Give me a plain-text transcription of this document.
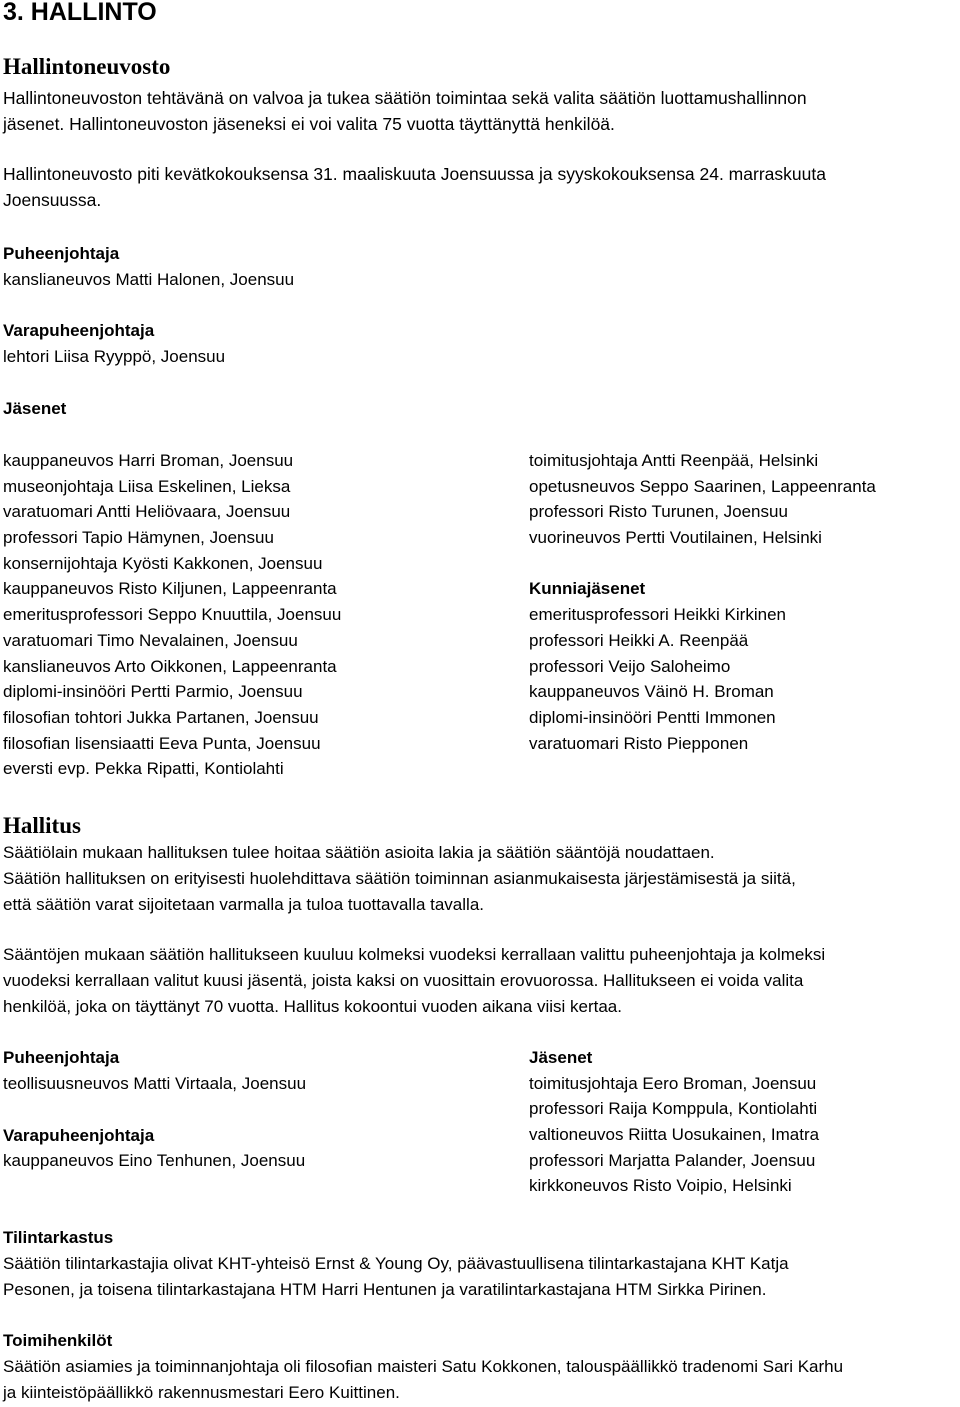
3. HALLINTO
Hallintoneuvosto
Hallintoneuvoston tehtävänä on valvoa ja tukea säätiön toimintaa sekä valita säätiön luottamushallinnon
jäsenet. Hallintoneuvoston jäseneksi ei voi valita 75 vuotta täyttänyttä henkilöä.
Hallintoneuvosto piti kevätkokouksensa 31. maaliskuuta Joensuussa ja syyskokouksensa 24. marraskuuta
Joensuussa.
Puheenjohtaja
kanslianeuvos Matti Halonen, Joensuu
Varapuheenjohtaja
lehtori Liisa Ryyppö, Joensuu
Jäsenet
kauppaneuvos Harri Broman, Joensuu
museonjohtaja Liisa Eskelinen, Lieksa
varatuomari Antti Heliövaara, Joensuu
professori Tapio Hämynen, Joensuu
konsernijohtaja Kyösti Kakkonen, Joensuu
kauppaneuvos Risto Kiljunen, Lappeenranta
emeritusprofessori Seppo Knuuttila, Joensuu
varatuomari Timo Nevalainen, Joensuu
kanslianeuvos Arto Oikkonen, Lappeenranta
diplomi-insinööri Pertti Parmio, Joensuu
filosofian tohtori Jukka Partanen, Joensuu
filosofian lisensiaatti Eeva Punta, Joensuu
eversti evp. Pekka Ripatti, Kontiolahti
toimitusjohtaja Antti Reenpää, Helsinki
opetusneuvos Seppo Saarinen, Lappeenranta
professori Risto Turunen, Joensuu
vuorineuvos Pertti Voutilainen, Helsinki
Kunniajäsenet
emeritusprofessori Heikki Kirkinen
professori Heikki A. Reenpää
professori Veijo Saloheimo
kauppaneuvos Väinö H. Broman
diplomi-insinööri Pentti Immonen
varatuomari Risto Piepponen
Hallitus
Säätiölain mukaan hallituksen tulee hoitaa säätiön asioita lakia ja säätiön sääntöjä noudattaen.
Säätiön hallituksen on erityisesti huolehdittava säätiön toiminnan asianmukaisesta järjestämisestä ja siitä,
että säätiön varat sijoitetaan varmalla ja tuloa tuottavalla tavalla.
Sääntöjen mukaan säätiön hallitukseen kuuluu kolmeksi vuodeksi kerrallaan valittu puheenjohtaja ja kolmeksi
vuodeksi kerrallaan valitut kuusi jäsentä, joista kaksi on vuosittain erovuorossa. Hallitukseen ei voida valita
henkilöä, joka on täyttänyt 70 vuotta. Hallitus kokoontui vuoden aikana viisi kertaa.
Puheenjohtaja
teollisuusneuvos Matti Virtaala, Joensuu
Varapuheenjohtaja
kauppaneuvos Eino Tenhunen, Joensuu
Jäsenet
toimitusjohtaja Eero Broman, Joensuu
professori Raija Komppula, Kontiolahti
valtioneuvos Riitta Uosukainen, Imatra
professori Marjatta Palander, Joensuu
kirkkoneuvos Risto Voipio, Helsinki
Tilintarkastus
Säätiön tilintarkastajia olivat KHT-yhteisö Ernst & Young Oy, päävastuullisena tilintarkastajana KHT Katja
Pesonen, ja toisena tilintarkastajana HTM Harri Hentunen ja varatilintarkastajana HTM Sirkka Pirinen.
Toimihenkilöt
Säätiön asiamies ja toiminnanjohtaja oli filosofian maisteri Satu Kokkonen, talouspäällikkö tradenomi Sari Karhu
ja kiinteistöpäällikkö rakennusmestari Eero Kuittinen.
